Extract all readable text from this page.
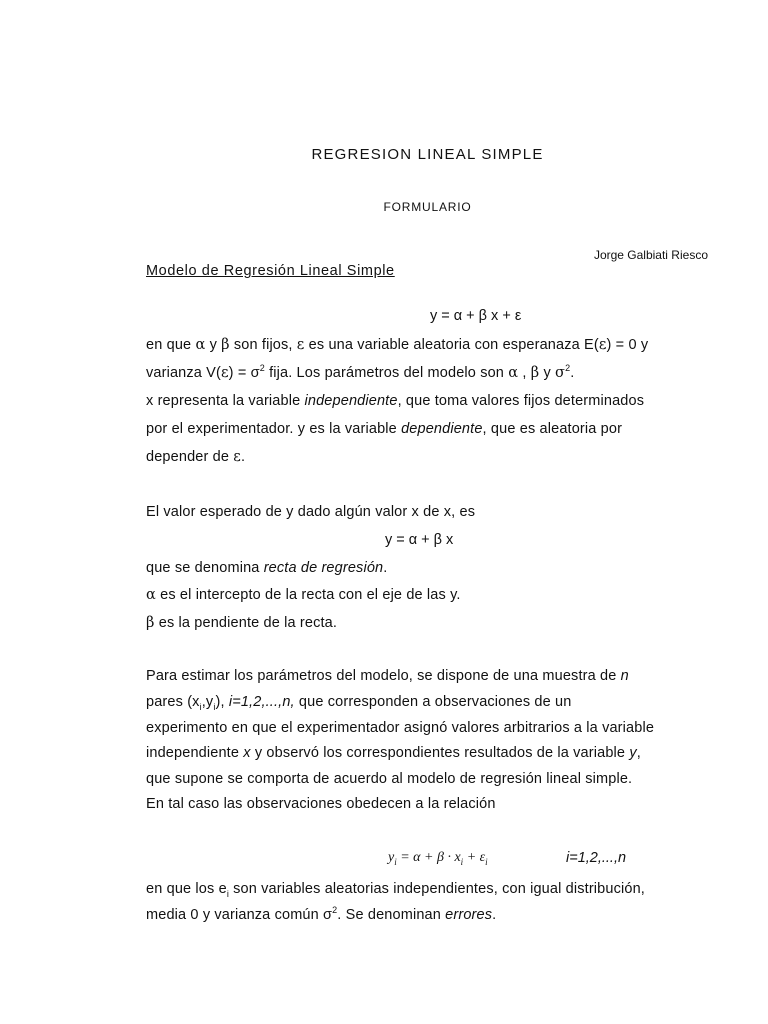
REGRESION LINEAL SIMPLE
FORMULARIO
Jorge Galbiati Riesco
Modelo de Regresión Lineal Simple
y = α + β x + ε
en que α y β son fijos, ε es una variable aleatoria con esperanaza E(ε) = 0 y
varianza $V(\varepsilon) = \sigma^2$ fija. Los parámetros del modelo son α , β y $\sigma^2$.
x representa la variable independiente, que toma valores fijos determinados
por el experimentador. y es la variable dependiente, que es aleatoria por
depender de ε.
El valor esperado de y dado algún valor x de x, es
y = α + β x
que se denomina recta de regresión.
α es el intercepto de la recta con el eje de las y.
β es la pendiente de la recta.
Para estimar los parámetros del modelo, se dispone de una muestra de n
pares $(x_i,y_i)$, i=1,2,...,n, que corresponden a observaciones de un
experimento en que el experimentador asignó valores arbitrarios a la variable
independiente x y observó los correspondientes resultados de la variable y,
que supone se comporta de acuerdo al modelo de regresión lineal simple.
En tal caso las observaciones obedecen a la relación
$y_i = \alpha + \beta \cdot x_i + \varepsilon_i$	i=1,2,...,n
en que los $e_i$ son variables aleatorias independientes, con igual distribución,
media 0 y varianza común $\sigma^2$. Se denominan errores.
